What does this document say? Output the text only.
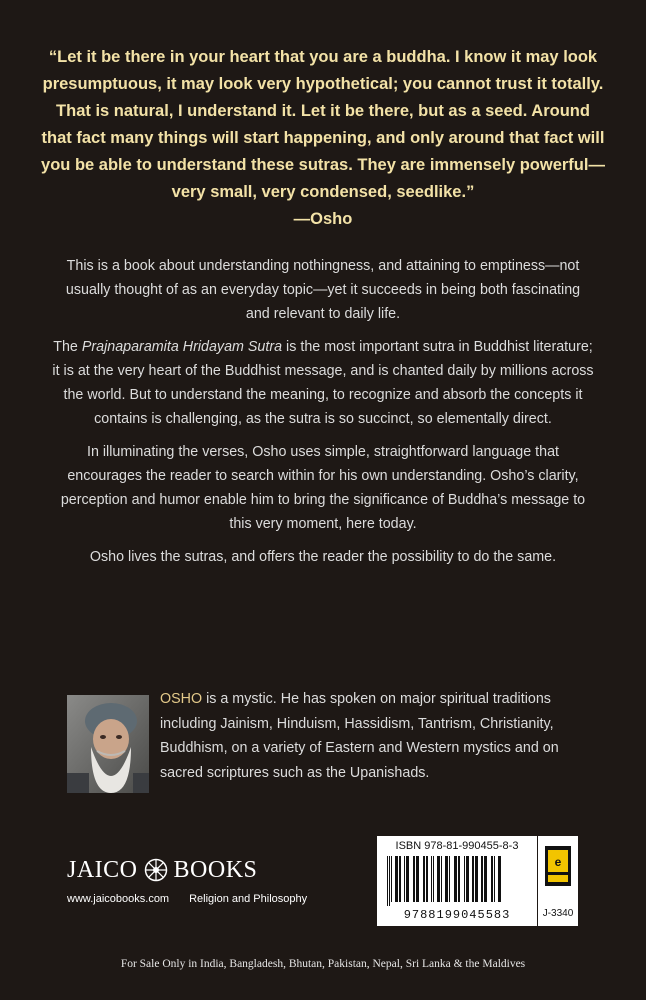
“Let it be there in your heart that you are a buddha. I know it may look presumptuous, it may look very hypothetical; you cannot trust it totally. That is natural, I understand it. Let it be there, but as a seed. Around that fact many things will start happening, and only around that fact will you be able to understand these sutras. They are immensely powerful—very small, very condensed, seedlike.”
—Osho

This is a book about understanding nothingness, and attaining to emptiness—not usually thought of as an everyday topic—yet it succeeds in being both fascinating and relevant to daily life.

The Prajnaparamita Hridayam Sutra is the most important sutra in Buddhist literature; it is at the very heart of the Buddhist message, and is chanted daily by millions across the world. But to understand the meaning, to recognize and absorb the concepts it contains is challenging, as the sutra is so succinct, so elementally direct.

In illuminating the verses, Osho uses simple, straightforward language that encourages the reader to search within for his own understanding. Osho’s clarity, perception and humor enable him to bring the significance of Buddha’s message to this very moment, here today.

Osho lives the sutras, and offers the reader the possibility to do the same.

OSHO is a mystic. He has spoken on major spiritual traditions including Jainism, Hinduism, Hassidism, Tantrism, Christianity, Buddhism, on a variety of Eastern and Western mystics and on sacred scriptures such as the Upanishads.
JAICO BOOKS
www.jaicobooks.com Religion and Philosophy
ISBN 978-81-990455-8-3
9788199045583
e
J-3340
For Sale Only in India, Bangladesh, Bhutan, Pakistan, Nepal, Sri Lanka & the Maldives
